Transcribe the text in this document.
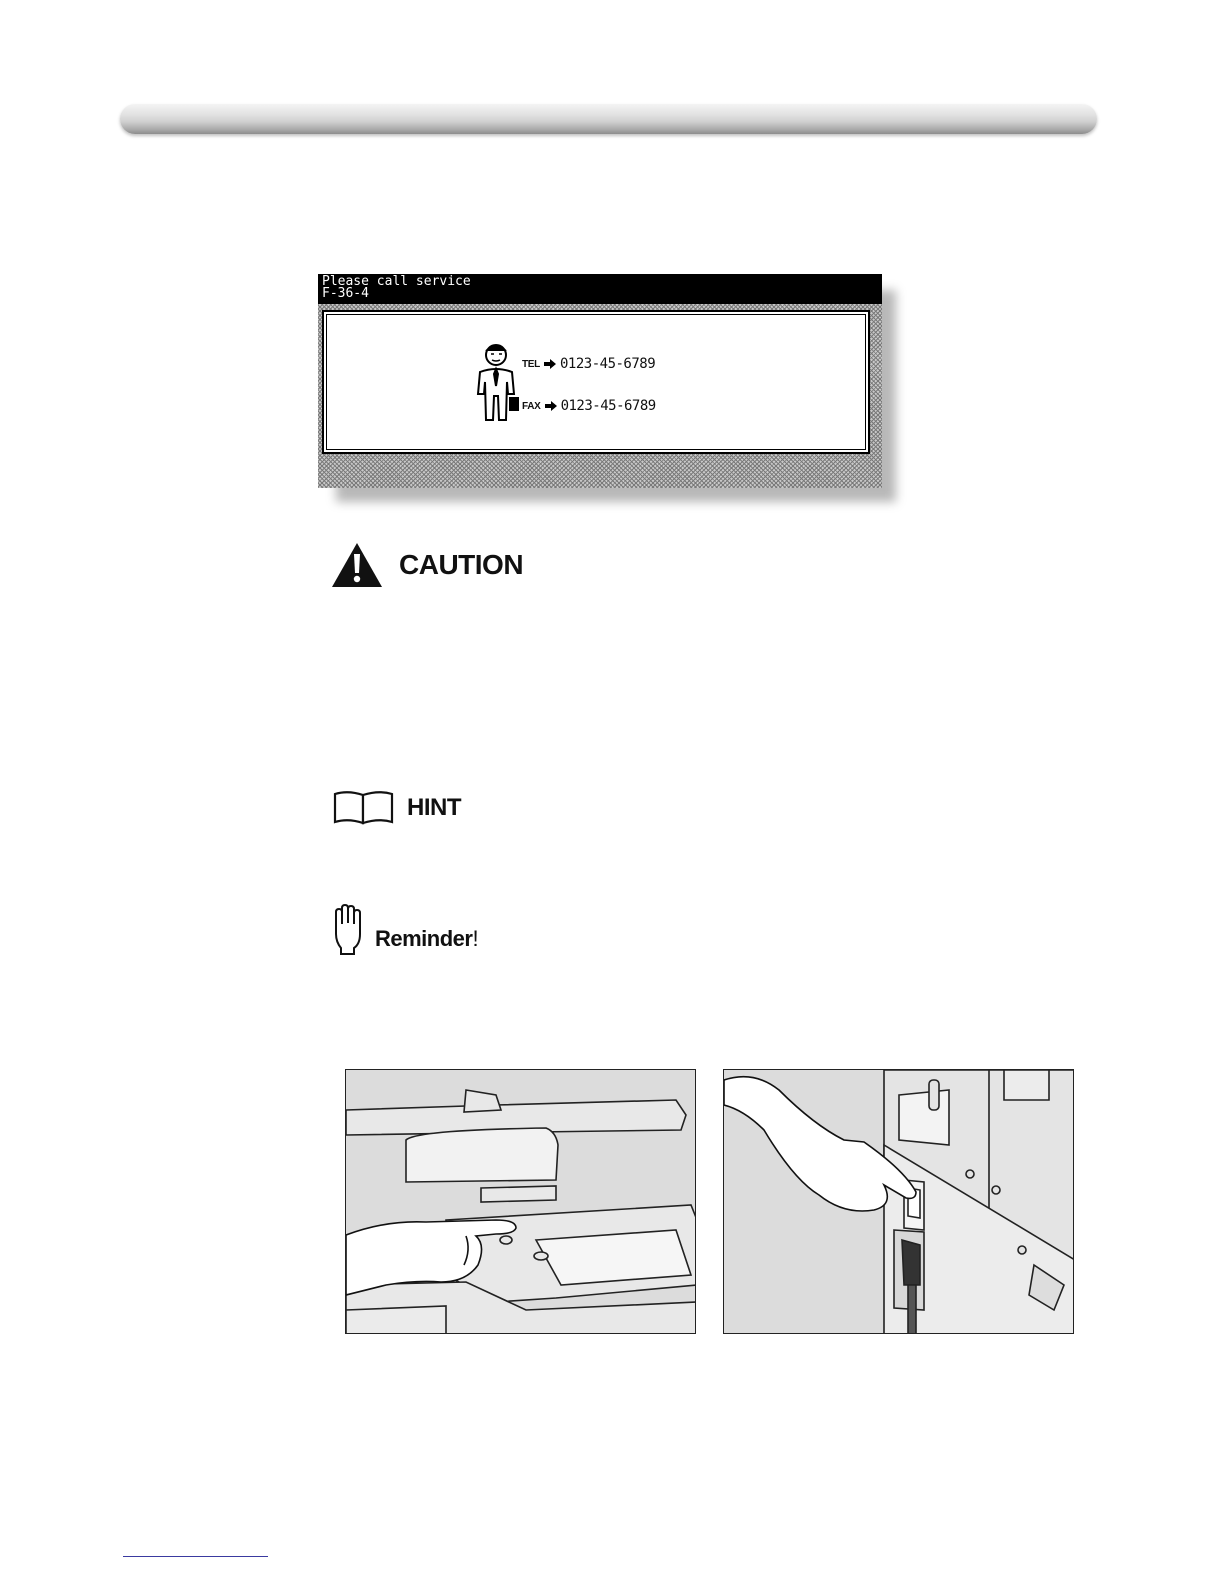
Please call service
F-36-4
TEL 0123-45-6789
FAX 0123-45-6789
CAUTION
HINT
Reminder!
